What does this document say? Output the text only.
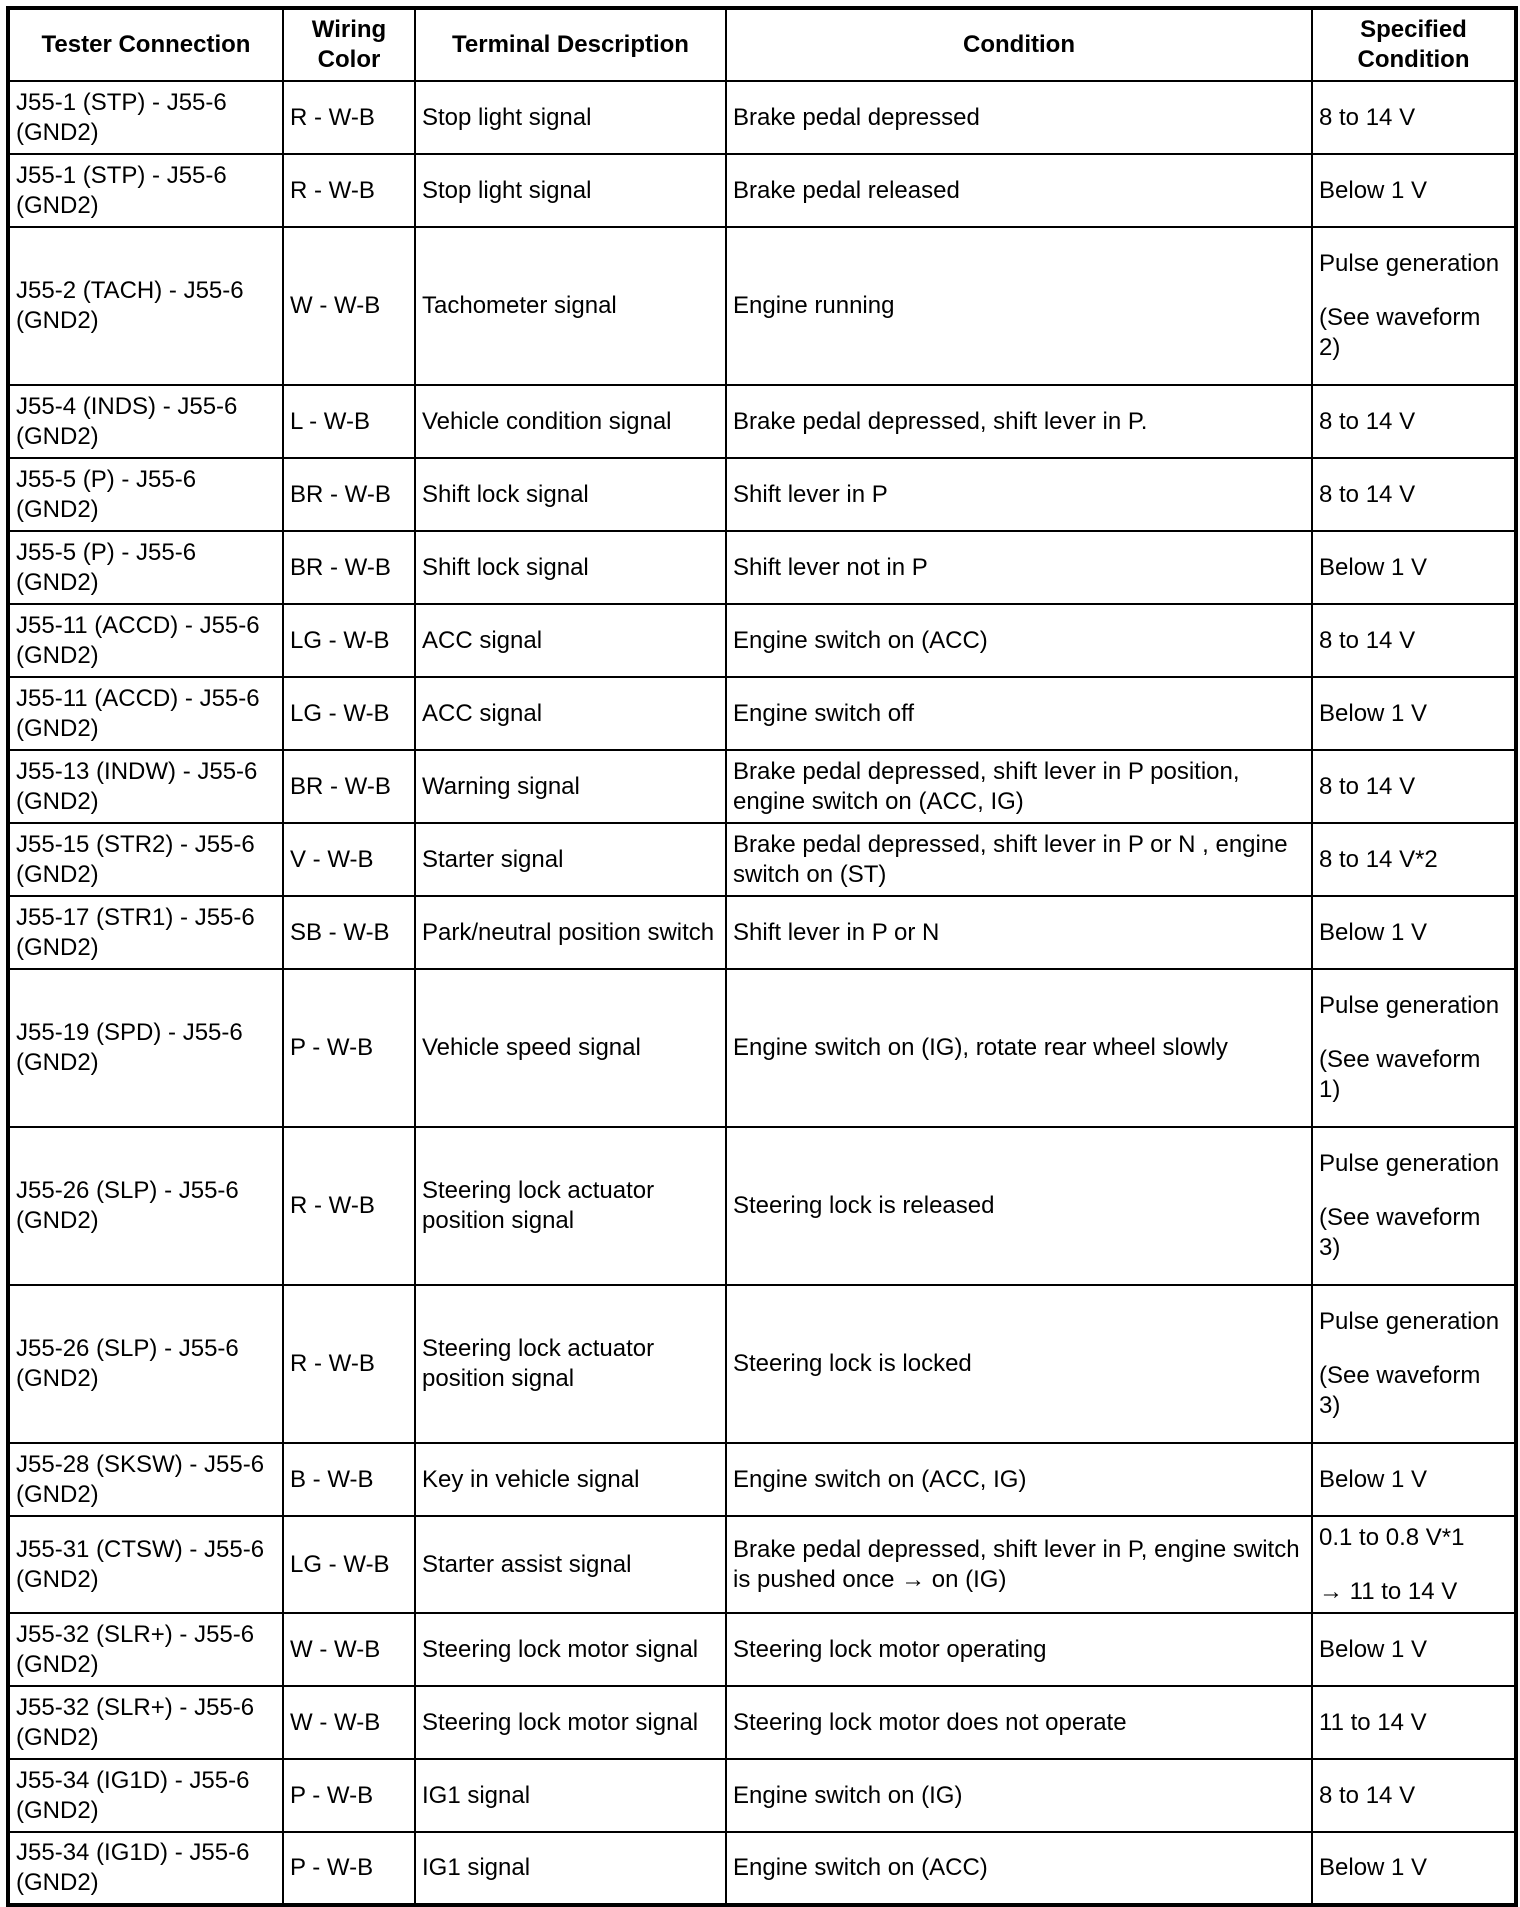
Tester Connection	Wiring Color	Terminal Description	Condition	Specified Condition
J55-1 (STP) - J55-6 (GND2)	R - W-B	Stop light signal	Brake pedal depressed	8 to 14 V

J55-1 (STP) - J55-6 (GND2)	R - W-B	Stop light signal	Brake pedal released	Below 1 V

J55-2 (TACH) - J55-6 (GND2)	W - W-B	Tachometer signal	Engine running	Pulse generation
(See waveform 2)

J55-4 (INDS) - J55-6 (GND2)	L - W-B	Vehicle condition signal	Brake pedal depressed, shift lever in P.	8 to 14 V

J55-5 (P) - J55-6 (GND2)	BR - W-B	Shift lock signal	Shift lever in P	8 to 14 V

J55-5 (P) - J55-6 (GND2)	BR - W-B	Shift lock signal	Shift lever not in P	Below 1 V

J55-11 (ACCD) - J55-6 (GND2)	LG - W-B	ACC signal	Engine switch on (ACC)	8 to 14 V

J55-11 (ACCD) - J55-6 (GND2)	LG - W-B	ACC signal	Engine switch off	Below 1 V

J55-13 (INDW) - J55-6 (GND2)	BR - W-B	Warning signal	Brake pedal depressed, shift lever in P position, engine switch on (ACC, IG)	8 to 14 V

J55-15 (STR2) - J55-6 (GND2)	V - W-B	Starter signal	Brake pedal depressed, shift lever in P or N , engine switch on (ST)	8 to 14 V*2

J55-17 (STR1) - J55-6 (GND2)	SB - W-B	Park/neutral position switch	Shift lever in P or N	Below 1 V

J55-19 (SPD) - J55-6 (GND2)	P - W-B	Vehicle speed signal	Engine switch on (IG), rotate rear wheel slowly	Pulse generation
(See waveform 1)

J55-26 (SLP) - J55-6 (GND2)	R - W-B	Steering lock actuator position signal	Steering lock is released	Pulse generation
(See waveform 3)

J55-26 (SLP) - J55-6 (GND2)	R - W-B	Steering lock actuator position signal	Steering lock is locked	Pulse generation
(See waveform 3)

J55-28 (SKSW) - J55-6 (GND2)	B - W-B	Key in vehicle signal	Engine switch on (ACC, IG)	Below 1 V

J55-31 (CTSW) - J55-6 (GND2)	LG - W-B	Starter assist signal	Brake pedal depressed, shift lever in P, engine switch is pushed once → on (IG)	0.1 to 0.8 V*1
→ 11 to 14 V

J55-32 (SLR+) - J55-6 (GND2)	W - W-B	Steering lock motor signal	Steering lock motor operating	Below 1 V

J55-32 (SLR+) - J55-6 (GND2)	W - W-B	Steering lock motor signal	Steering lock motor does not operate	11 to 14 V

J55-34 (IG1D) - J55-6 (GND2)	P - W-B	IG1 signal	Engine switch on (IG)	8 to 14 V

J55-34 (IG1D) - J55-6 (GND2)	P - W-B	IG1 signal	Engine switch on (ACC)	Below 1 V
